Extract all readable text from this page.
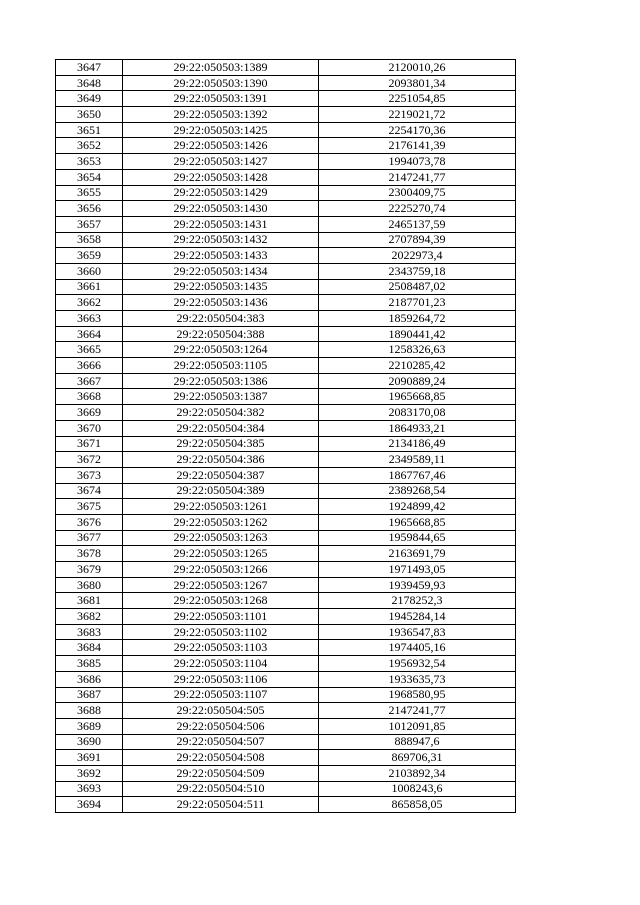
3647	29:22:050503:1389	2120010,26
3648	29:22:050503:1390	2093801,34
3649	29:22:050503:1391	2251054,85
3650	29:22:050503:1392	2219021,72
3651	29:22:050503:1425	2254170,36
3652	29:22:050503:1426	2176141,39
3653	29:22:050503:1427	1994073,78
3654	29:22:050503:1428	2147241,77
3655	29:22:050503:1429	2300409,75
3656	29:22:050503:1430	2225270,74
3657	29:22:050503:1431	2465137,59
3658	29:22:050503:1432	2707894,39
3659	29:22:050503:1433	2022973,4
3660	29:22:050503:1434	2343759,18
3661	29:22:050503:1435	2508487,02
3662	29:22:050503:1436	2187701,23
3663	29:22:050504:383	1859264,72
3664	29:22:050504:388	1890441,42
3665	29:22:050503:1264	1258326,63
3666	29:22:050503:1105	2210285,42
3667	29:22:050503:1386	2090889,24
3668	29:22:050503:1387	1965668,85
3669	29:22:050504:382	2083170,08
3670	29:22:050504:384	1864933,21
3671	29:22:050504:385	2134186,49
3672	29:22:050504:386	2349589,11
3673	29:22:050504:387	1867767,46
3674	29:22:050504:389	2389268,54
3675	29:22:050503:1261	1924899,42
3676	29:22:050503:1262	1965668,85
3677	29:22:050503:1263	1959844,65
3678	29:22:050503:1265	2163691,79
3679	29:22:050503:1266	1971493,05
3680	29:22:050503:1267	1939459,93
3681	29:22:050503:1268	2178252,3
3682	29:22:050503:1101	1945284,14
3683	29:22:050503:1102	1936547,83
3684	29:22:050503:1103	1974405,16
3685	29:22:050503:1104	1956932,54
3686	29:22:050503:1106	1933635,73
3687	29:22:050503:1107	1968580,95
3688	29:22:050504:505	2147241,77
3689	29:22:050504:506	1012091,85
3690	29:22:050504:507	888947,6
3691	29:22:050504:508	869706,31
3692	29:22:050504:509	2103892,34
3693	29:22:050504:510	1008243,6
3694	29:22:050504:511	865858,05
